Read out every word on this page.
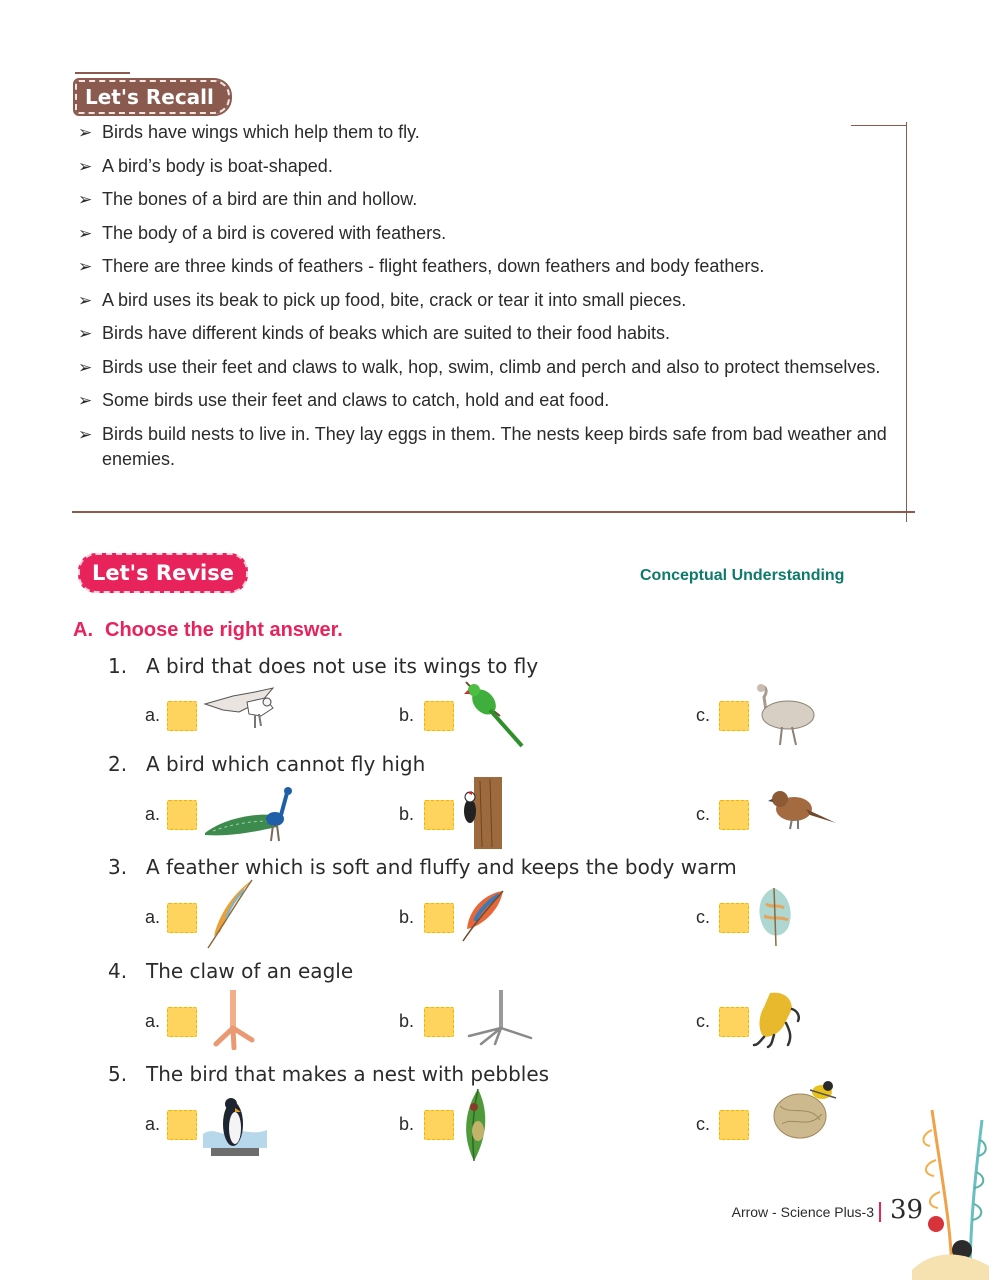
Let's Recall
➢ Birds have wings which help them to fly.
➢ A bird’s body is boat-shaped.
➢ The bones of a bird are thin and hollow.
➢ The body of a bird is covered with feathers.
➢ There are three kinds of feathers - flight feathers, down feathers and body feathers.
➢ A bird uses its beak to pick up food, bite, crack or tear it into small pieces.
➢ Birds have different kinds of beaks which are suited to their food habits.
➢ Birds use their feet and claws to walk, hop, swim, climb and perch and also to protect themselves.
➢ Some birds use their feet and claws to catch, hold and eat food.
➢ Birds build nests to live in. They lay eggs in them. The nests keep birds safe from bad weather and enemies.
Let's Revise	Conceptual Understanding
A. Choose the right answer.
1. A bird that does not use its wings to fly
a.	b.	c.
2. A bird which cannot fly high
a.	b.	c.
3. A feather which is soft and fluffy and keeps the body warm
a.	b.	c.
4. The claw of an eagle
a.	b.	c.
5. The bird that makes a nest with pebbles
a.	b.	c.
Arrow - Science Plus-3 39
